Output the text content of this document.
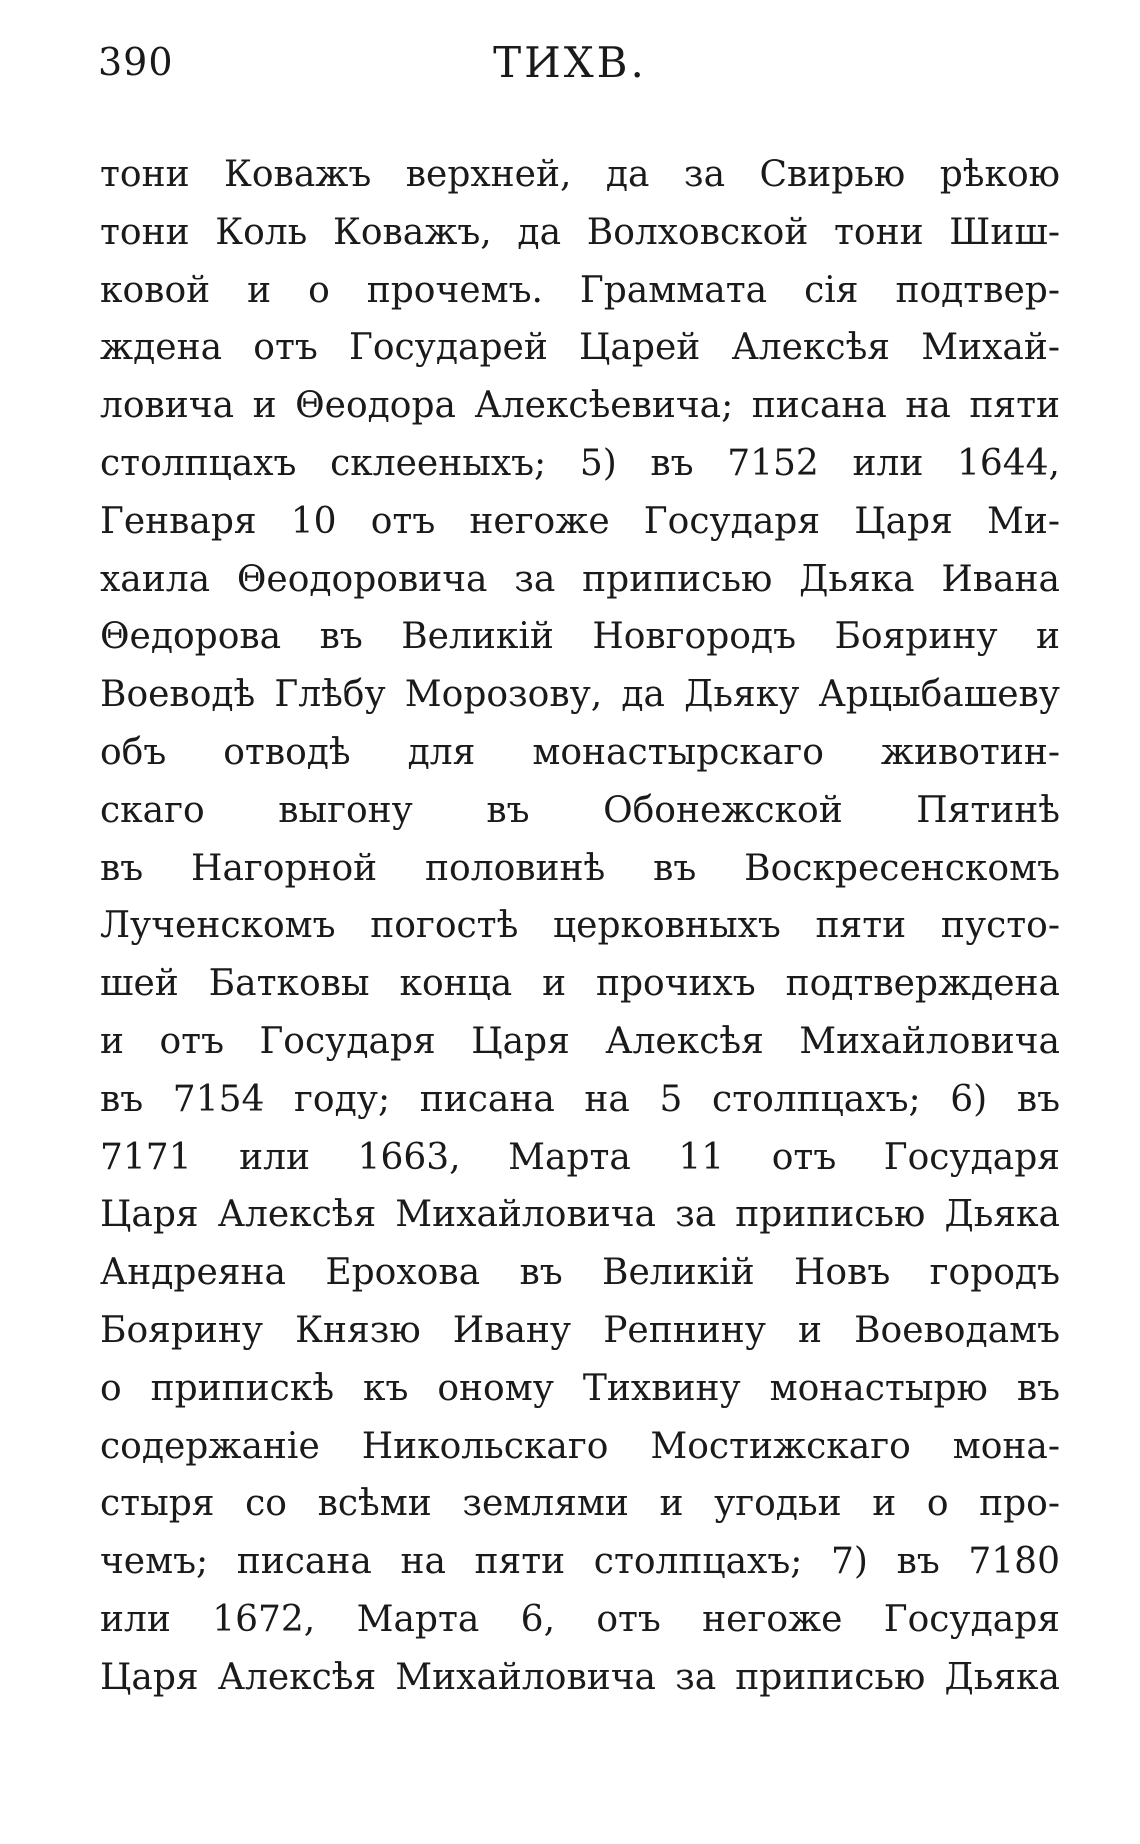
390	ТИХВ.
тони Коважъ верхней, да за Свирью рѣкою
тони Коль Коважъ, да Волховской тони Шиш-
ковой и о прочемъ. Граммата сія подтвер-
ждена отъ Государей Царей Алексѣя Михай-
ловича и Θеодора Алексѣевича; писана на пяти
столпцахъ склееныхъ; 5) въ 7152 или 1644,
Генваря 10 отъ негоже Государя Царя Ми-
хаила Θеодоровича за приписью Дьяка Ивана
Θедорова въ Великій Новгородъ Боярину и
Воеводѣ Глѣбу Морозову, да Дьяку Арцыбашеву
объ отводѣ для монастырскаго животин-
скаго выгону въ Обонежской Пятинѣ
въ Нагорной половинѣ въ Воскресенскомъ
Лученскомъ погостѣ церковныхъ пяти пусто-
шей Батковы конца и прочихъ подтверждена
и отъ Государя Царя Алексѣя Михайловича
въ 7154 году; писана на 5 столпцахъ; 6) въ
7171 или 1663, Марта 11 отъ Государя
Царя Алексѣя Михайловича за приписью Дьяка
Андреяна Ерохова въ Великій Новъ городъ
Боярину Князю Ивану Репнину и Воеводамъ
о припискѣ къ оному Тихвину монастырю въ
содержаніе Никольскаго Мостижскаго мона-
стыря со всѣми землями и угодьи и о про-
чемъ; писана на пяти столпцахъ; 7) въ 7180
или 1672, Марта 6, отъ негоже Государя
Царя Алексѣя Михайловича за приписью Дьяка
